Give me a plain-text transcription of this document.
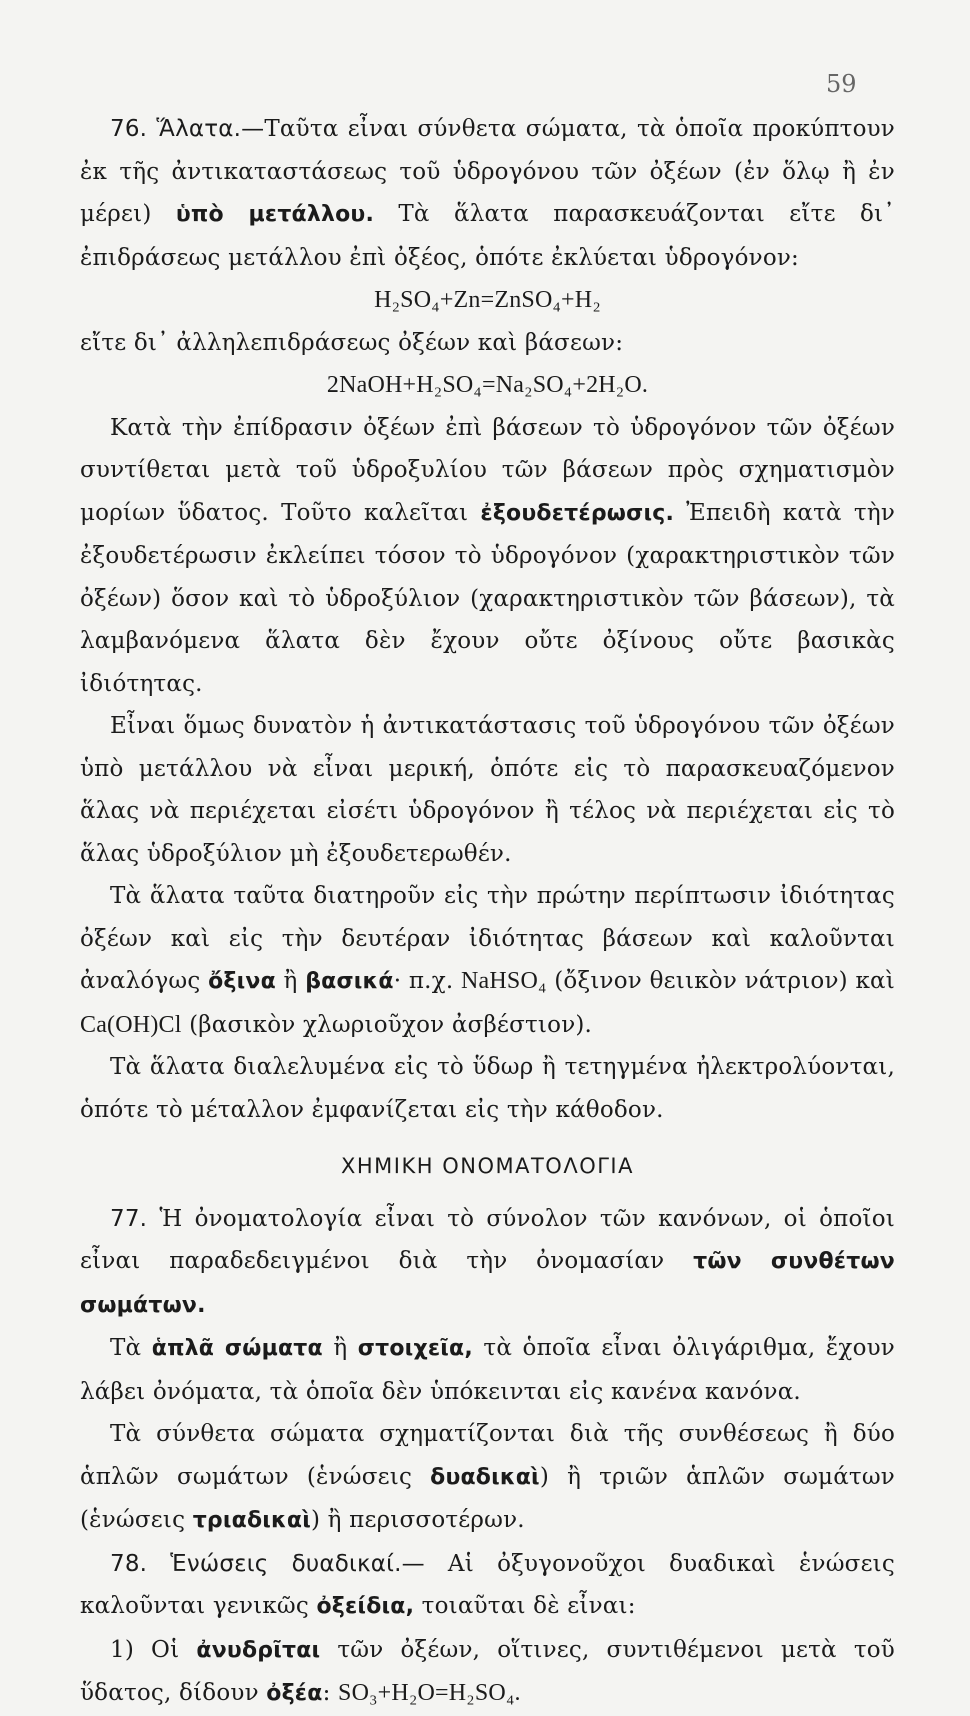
59

76. Ἅλατα.—Ταῦτα εἶναι σύνθετα σώματα, τὰ ὁποῖα προκύπτουν ἐκ τῆς ἀντικαταστάσεως τοῦ ὑδρογόνου τῶν ὀξέων (ἐν ὅλῳ ἢ ἐν μέρει) ὑπὸ μετάλλου. Τὰ ἅλατα παρασκευάζονται εἴτε δι᾿ ἐπιδράσεως μετάλλου ἐπὶ ὀξέος, ὁπότε ἐκλύεται ὑδρογόνον:

H₂SO₄+Zn=ZnSO₄+H₂

εἴτε δι᾿ ἀλληλεπιδράσεως ὀξέων καὶ βάσεων:

2NaOH+H₂SO₄=Na₂SO₄+2H₂O.

Κατὰ τὴν ἐπίδρασιν ὀξέων ἐπὶ βάσεων τὸ ὑδρογόνον τῶν ὀξέων συντίθεται μετὰ τοῦ ὑδροξυλίου τῶν βάσεων πρὸς σχηματισμὸν μορίων ὕδατος. Τοῦτο καλεῖται ἐξουδετέρωσις. Ἐπειδὴ κατὰ τὴν ἐξουδετέρωσιν ἐκλείπει τόσον τὸ ὑδρογόνον (χαρακτηριστικὸν τῶν ὀξέων) ὅσον καὶ τὸ ὑδροξύλιον (χαρακτηριστικὸν τῶν βάσεων), τὰ λαμβανόμενα ἅλατα δὲν ἔχουν οὔτε ὀξίνους οὔτε βασικὰς ἰδιότητας.

Εἶναι ὅμως δυνατὸν ἡ ἀντικατάστασις τοῦ ὑδρογόνου τῶν ὀξέων ὑπὸ μετάλλου νὰ εἶναι μερική, ὁπότε εἰς τὸ παρασκευαζόμενον ἅλας νὰ περιέχεται εἰσέτι ὑδρογόνον ἢ τέλος νὰ περιέχεται εἰς τὸ ἅλας ὑδροξύλιον μὴ ἐξουδετερωθέν.

Τὰ ἅλατα ταῦτα διατηροῦν εἰς τὴν πρώτην περίπτωσιν ἰδιότητας ὀξέων καὶ εἰς τὴν δευτέραν ἰδιότητας βάσεων καὶ καλοῦνται ἀναλόγως ὄξινα ἢ βασικά· π.χ. NaHSO₄ (ὄξινον θειικὸν νάτριον) καὶ Ca(OH)Cl (βασικὸν χλωριοῦχον ἀσβέστιον).

Τὰ ἅλατα διαλελυμένα εἰς τὸ ὕδωρ ἢ τετηγμένα ἠλεκτρολύονται, ὁπότε τὸ μέταλλον ἐμφανίζεται εἰς τὴν κάθοδον.

ΧΗΜΙΚΗ ΟΝΟΜΑΤΟΛΟΓΙΑ

77. Ἡ ὀνοματολογία εἶναι τὸ σύνολον τῶν κανόνων, οἱ ὁποῖοι εἶναι παραδεδειγμένοι διὰ τὴν ὀνομασίαν τῶν συνθέτων σωμάτων.

Τὰ ἁπλᾶ σώματα ἢ στοιχεῖα, τὰ ὁποῖα εἶναι ὀλιγάριθμα, ἔχουν λάβει ὀνόματα, τὰ ὁποῖα δὲν ὑπόκεινται εἰς κανένα κανόνα.

Τὰ σύνθετα σώματα σχηματίζονται διὰ τῆς συνθέσεως ἢ δύο ἁπλῶν σωμάτων (ἑνώσεις δυαδικαὶ) ἢ τριῶν ἁπλῶν σωμάτων (ἑνώσεις τριαδικαὶ) ἢ περισσοτέρων.

78. Ἑνώσεις δυαδικαί.— Αἱ ὀξυγονοῦχοι δυαδικαὶ ἑνώσεις καλοῦνται γενικῶς ὀξείδια, τοιαῦται δὲ εἶναι:

1) Οἱ ἀνυδρῖται τῶν ὀξέων, οἵτινες, συντιθέμενοι μετὰ τοῦ ὕδατος, δίδουν ὀξέα: SO₃+H₂O=H₂SO₄.
